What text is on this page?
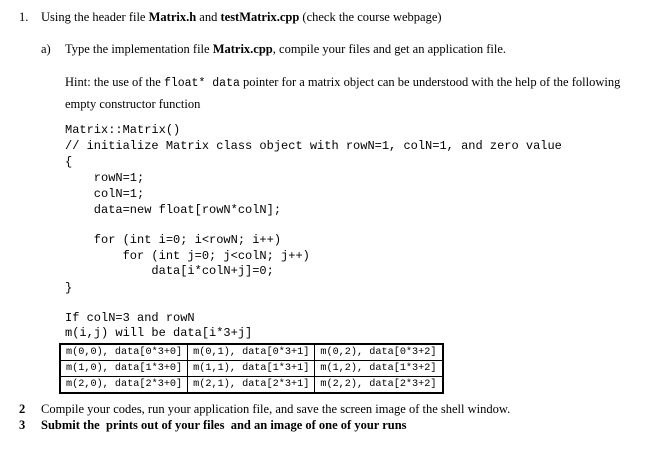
1. Using the header file Matrix.h and testMatrix.cpp (check the course webpage)
a) Type the implementation file Matrix.cpp, compile your files and get an application file.
Hint: the use of the float* data pointer for a matrix object can be understood with the help of the following empty constructor function
Matrix::Matrix()
// initialize Matrix class object with rowN=1, colN=1, and zero value
{
rowN=1;
colN=1;
data=new float[rowN*colN];
for (int i=0; i<rowN; i++)
for (int j=0; j<colN; j++)
data[i*colN+j]=0;
}
If colN=3 and rowN
m(i,j) will be data[i*3+j]
m(0,0), data[0*3+0]	m(0,1), data[0*3+1]	m(0,2), data[0*3+2]
m(1,0), data[1*3+0]	m(1,1), data[1*3+1]	m(1,2), data[1*3+2]
m(2,0), data[2*3+0]	m(2,1), data[2*3+1]	m(2,2), data[2*3+2]
2 Compile your codes, run your application file, and save the screen image of the shell window.
3 Submit the  prints out of your files  and an image of one of your runs
